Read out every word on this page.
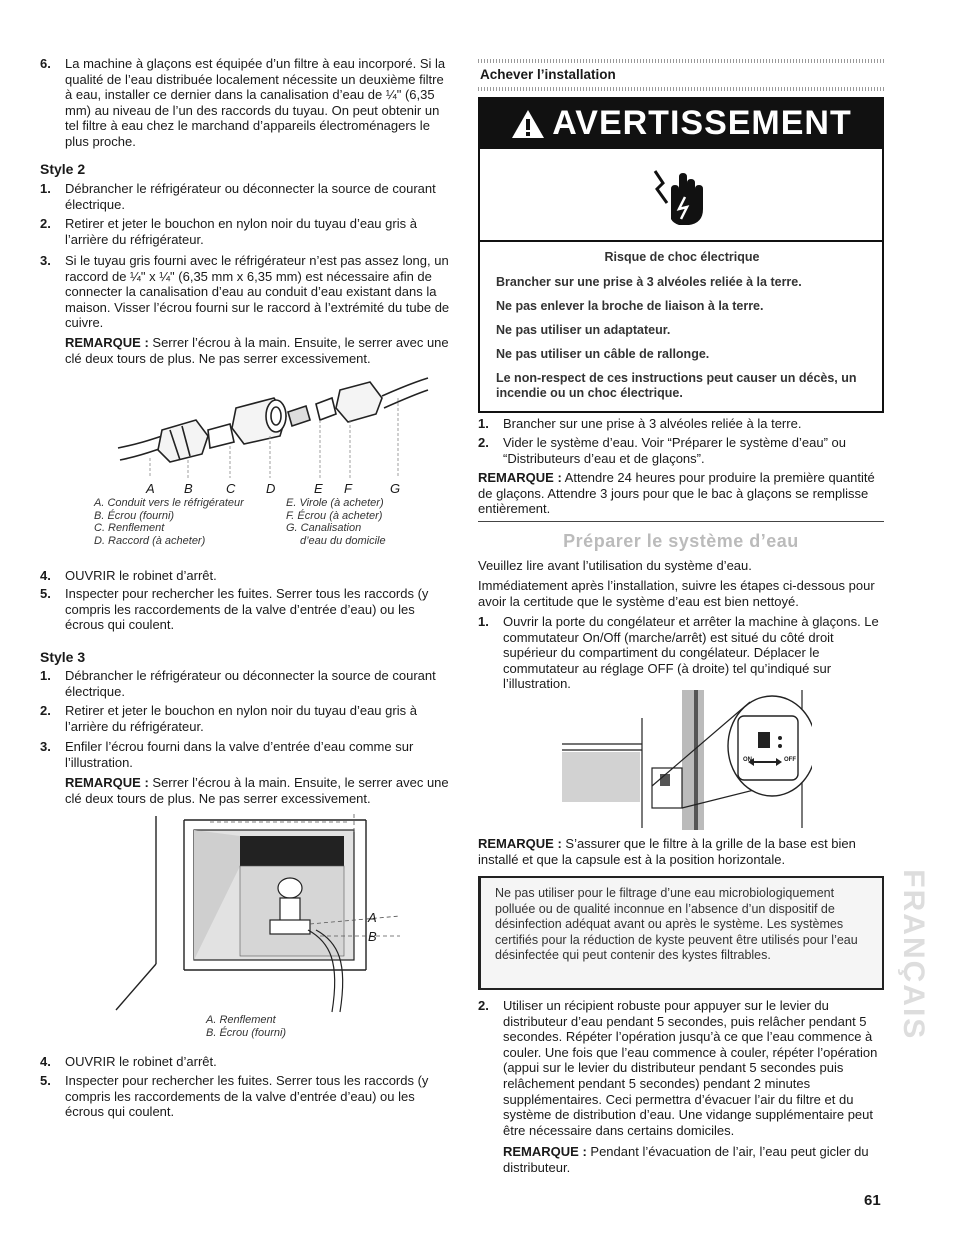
6.	La machine à glaçons est équipée d’un filtre à eau incorporé. Si la qualité de l’eau distribuée localement nécessite un deuxième filtre à eau, installer ce dernier dans la canalisation d’eau de ¼" (6,35 mm) au niveau de l’un des raccords du tuyau. On peut obtenir un tel filtre à eau chez le marchand d’appareils électroménagers le plus proche.
Style 2
1.	Débrancher le réfrigérateur ou déconnecter la source de courant électrique.
2.	Retirer et jeter le bouchon en nylon noir du tuyau d’eau gris à l’arrière du réfrigérateur.
3.	Si le tuyau gris fourni avec le réfrigérateur n’est pas assez long, un raccord de ¼" x ¼" (6,35 mm x 6,35 mm) est nécessaire afin de connecter la canalisation d’eau au conduit d’eau existant dans la maison. Visser l’écrou fourni sur le raccord à l’extrémité du tube de cuivre.
REMARQUE : Serrer l’écrou à la main. Ensuite, le serrer avec une clé deux tours de plus. Ne pas serrer excessivement.
A B	C D	E F	G
A. Conduit vers le réfrigérateur
B. Écrou (fourni)
C. Renflement
D. Raccord (à acheter)
E. Virole (à acheter)
F. Écrou (à acheter)
G. Canalisation
d’eau du domicile
4.	OUVRIR le robinet d’arrêt.
5.	Inspecter pour rechercher les fuites. Serrer tous les raccords (y compris les raccordements de la valve d’entrée d’eau) ou les écrous qui coulent.
Style 3
1.	Débrancher le réfrigérateur ou déconnecter la source de courant électrique.
2.	Retirer et jeter le bouchon en nylon noir du tuyau d’eau gris à l’arrière du réfrigérateur.
3.	Enfiler l’écrou fourni dans la valve d’entrée d’eau comme sur l’illustration.
REMARQUE : Serrer l’écrou à la main. Ensuite, le serrer avec une clé deux tours de plus. Ne pas serrer excessivement.
A
B
A. Renflement
B. Écrou (fourni)
4.	OUVRIR le robinet d’arrêt.
5.	Inspecter pour rechercher les fuites. Serrer tous les raccords (y compris les raccordements de la valve d’entrée d’eau) ou les écrous qui coulent.
Achever l’installation
AVERTISSEMENT

Risque de choc électrique

Brancher sur une prise à 3 alvéoles reliée à la terre.

Ne pas enlever la broche de liaison à la terre.

Ne pas utiliser un adaptateur.

Ne pas utiliser un câble de rallonge.

Le non-respect de ces instructions peut causer un décès, un incendie ou un choc électrique.

1.	Brancher sur une prise à 3 alvéoles reliée à la terre.
2.	Vider le système d’eau. Voir “Préparer le système d’eau” ou “Distributeurs d’eau et de glaçons”.
REMARQUE : Attendre 24 heures pour produire la première quantité de glaçons. Attendre 3 jours pour que le bac à glaçons se remplisse entièrement.
Préparer le système d’eau
Veuillez lire avant l’utilisation du système d’eau.
Immédiatement après l’installation, suivre les étapes ci-dessous pour avoir la certitude que le système d’eau est bien nettoyé.
1.	Ouvrir la porte du congélateur et arrêter la machine à glaçons. Le commutateur On/Off (marche/arrêt) est situé du côté droit supérieur du compartiment du congélateur. Déplacer le commutateur au réglage OFF (à droite) tel qu’indiqué sur l’illustration.
ON	OFF
REMARQUE : S’assurer que le filtre à la grille de la base est bien installé et que la capsule est à la position horizontale.
Ne pas utiliser pour le filtrage d’une eau microbiologiquement polluée ou de qualité inconnue en l’absence d’un dispositif de désinfection adéquat avant ou après le système. Les systèmes certifiés pour la réduction de kyste peuvent être utilisés pour l’eau désinfectée qui peut contenir des kystes filtrables.
2.	Utiliser un récipient robuste pour appuyer sur le levier du distributeur d’eau pendant 5 secondes, puis relâcher pendant 5 secondes. Répéter l’opération jusqu’à ce que l’eau commence à couler. Une fois que l’eau commence à couler, répéter l’opération (appui sur le levier du distributeur pendant 5 secondes puis relâchement pendant 5 secondes) pendant 2 minutes supplémentaires. Ceci permettra d’évacuer l’air du filtre et du système de distribution d’eau. Une vidange supplémentaire peut être nécessaire dans certains domiciles.
REMARQUE : Pendant l’évacuation de l’air, l’eau peut gicler du distributeur.
FRANÇAIS
61
